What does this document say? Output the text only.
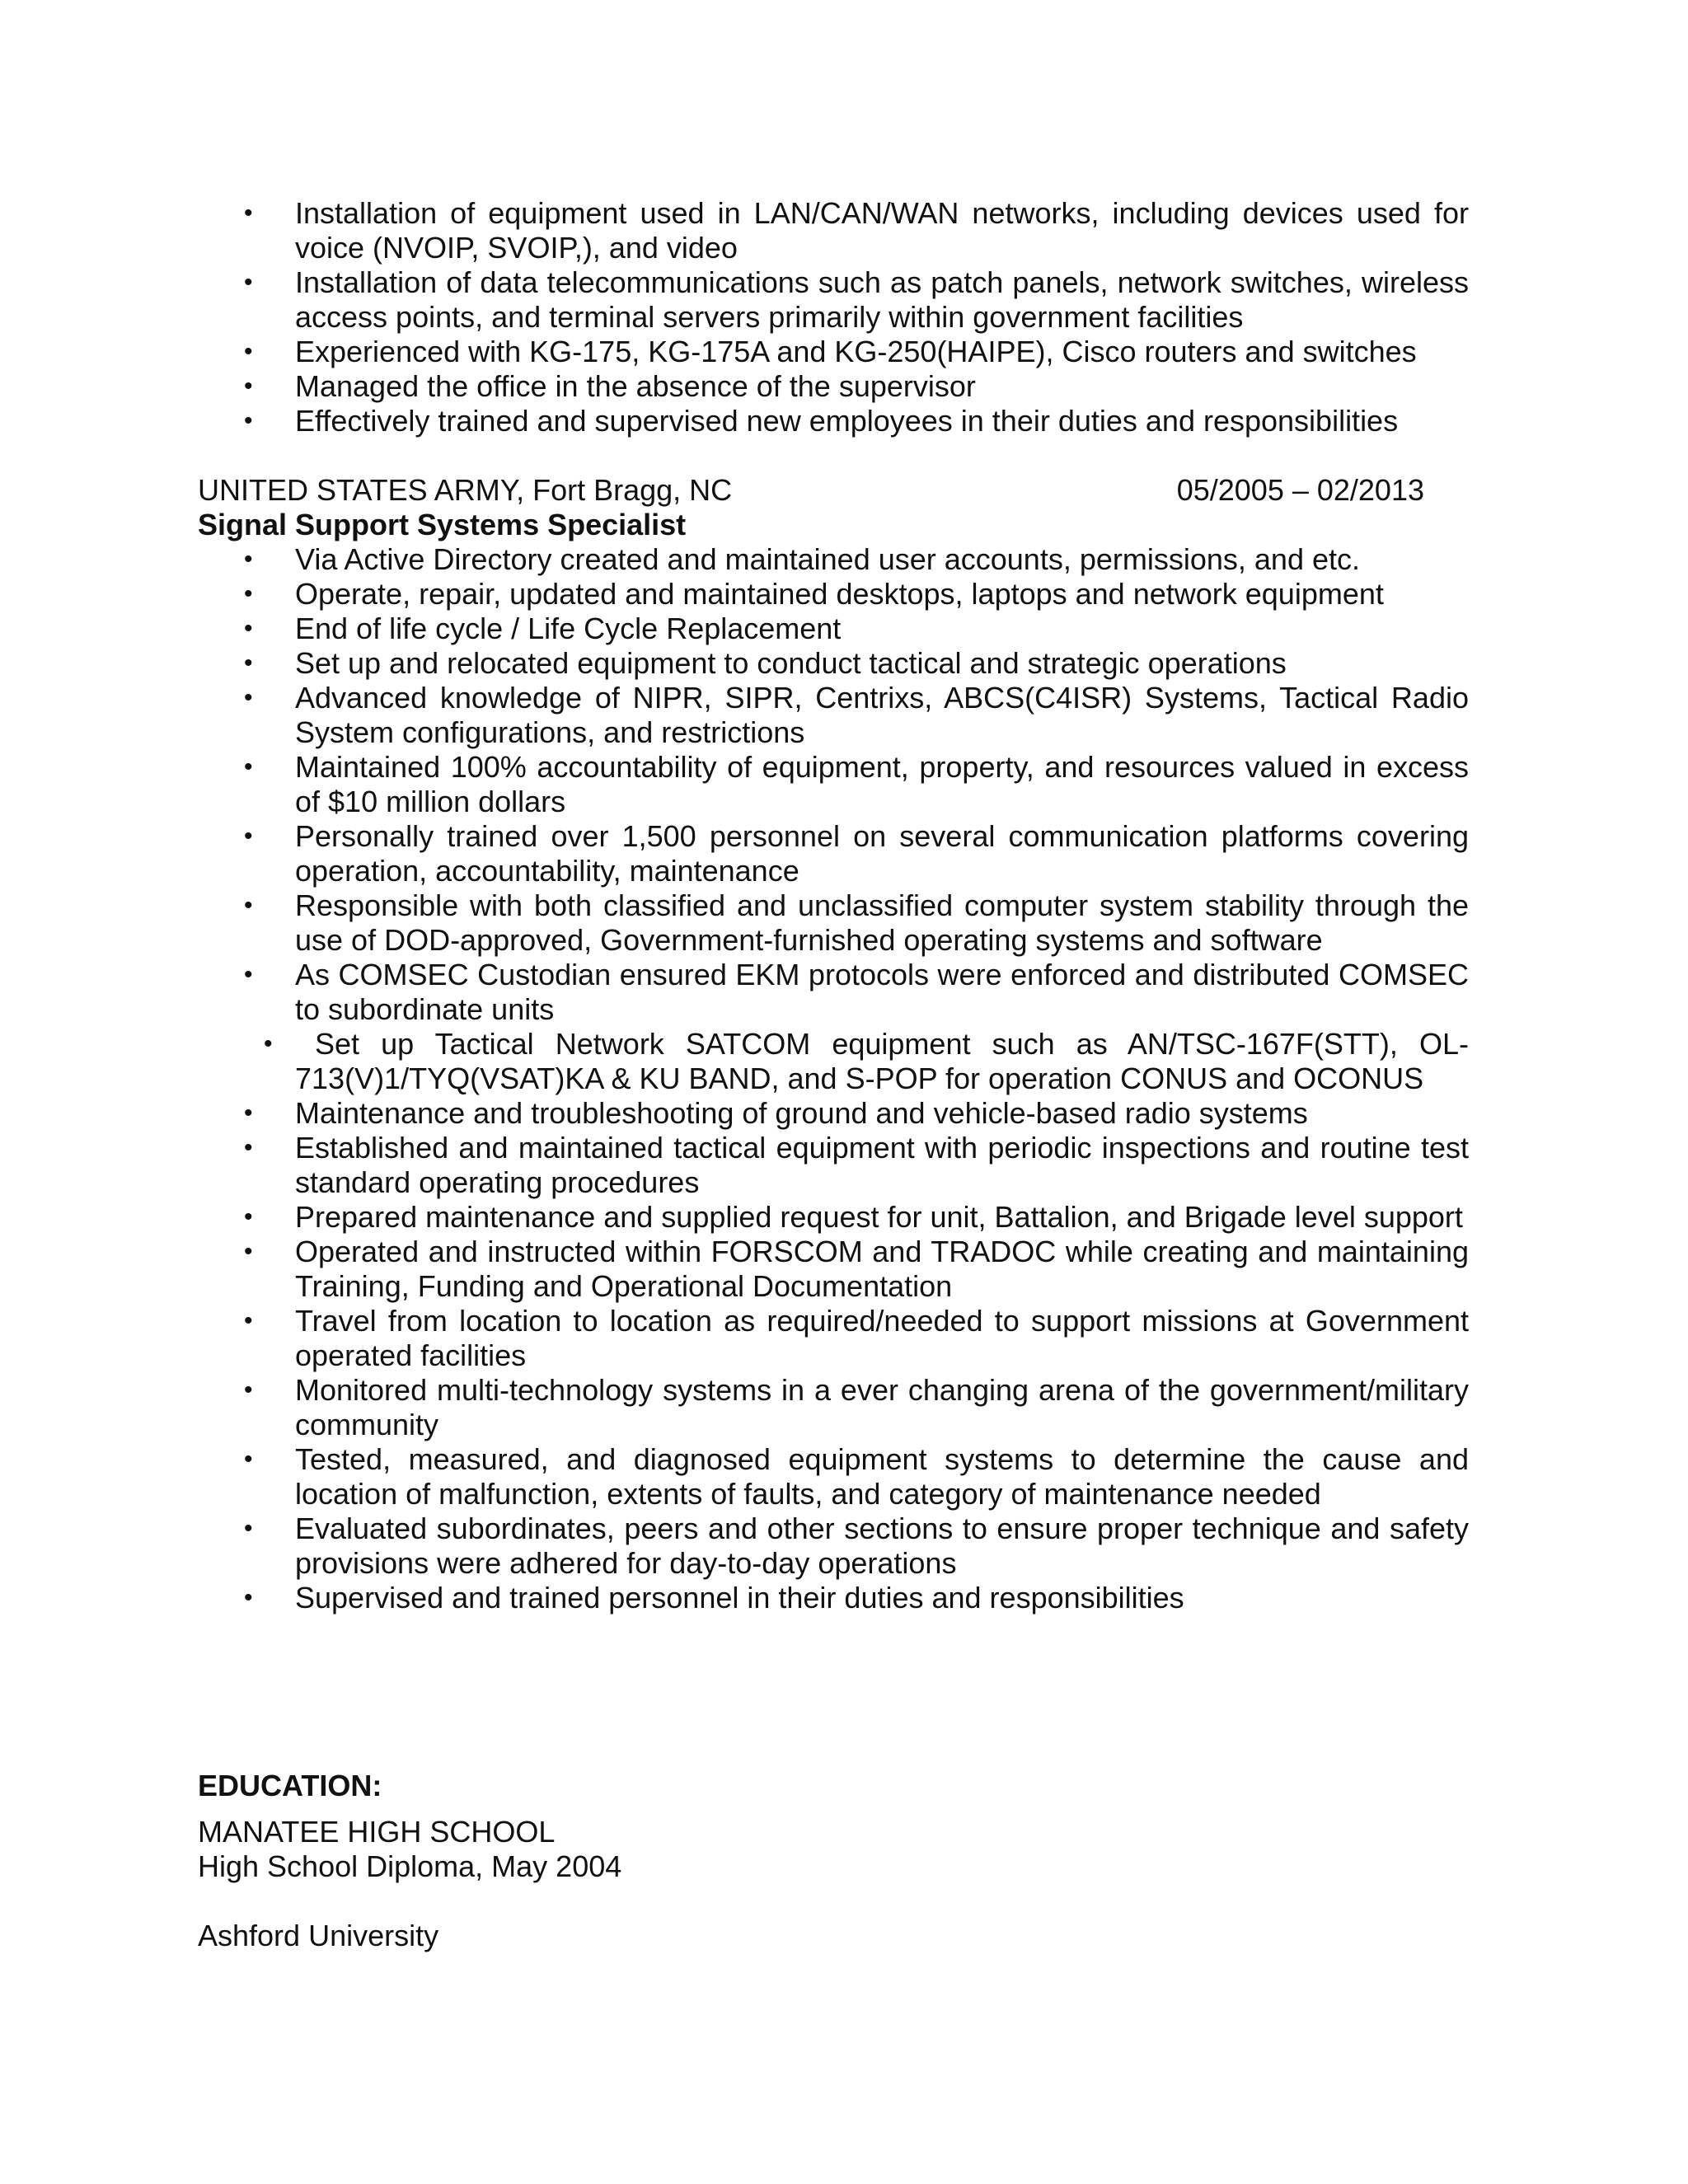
• Installation of equipment used in LAN/CAN/WAN networks, including devices used for voice (NVOIP, SVOIP,), and video
• Installation of data telecommunications such as patch panels, network switches, wireless access points, and terminal servers primarily within government facilities
• Experienced with KG-175, KG-175A and KG-250(HAIPE), Cisco routers and switches
• Managed the office in the absence of the supervisor
• Effectively trained and supervised new employees in their duties and responsibilities
UNITED STATES ARMY, Fort Bragg, NC	05/2005 – 02/2013
Signal Support Systems Specialist
• Via Active Directory created and maintained user accounts, permissions, and etc.
• Operate, repair, updated and maintained desktops, laptops and network equipment
• End of life cycle / Life Cycle Replacement
• Set up and relocated equipment to conduct tactical and strategic operations
• Advanced knowledge of NIPR, SIPR, Centrixs, ABCS(C4ISR) Systems, Tactical Radio System configurations, and restrictions
• Maintained 100% accountability of equipment, property, and resources valued in excess of $10 million dollars
• Personally trained over 1,500 personnel on several communication platforms covering operation, accountability, maintenance
• Responsible with both classified and unclassified computer system stability through the use of DOD-approved, Government-furnished operating systems and software
• As COMSEC Custodian ensured EKM protocols were enforced and distributed COMSEC to subordinate units
• Set up Tactical Network SATCOM equipment such as AN/TSC-167F(STT), OL-713(V)1/TYQ(VSAT)KA & KU BAND, and S-POP for operation CONUS and OCONUS
• Maintenance and troubleshooting of ground and vehicle-based radio systems
• Established and maintained tactical equipment with periodic inspections and routine test standard operating procedures
• Prepared maintenance and supplied request for unit, Battalion, and Brigade level support
• Operated and instructed within FORSCOM and TRADOC while creating and maintaining Training, Funding and Operational Documentation
• Travel from location to location as required/needed to support missions at Government operated facilities
• Monitored multi-technology systems in a ever changing arena of the government/military community
• Tested, measured, and diagnosed equipment systems to determine the cause and location of malfunction, extents of faults, and category of maintenance needed
• Evaluated subordinates, peers and other sections to ensure proper technique and safety provisions were adhered for day-to-day operations
• Supervised and trained personnel in their duties and responsibilities
EDUCATION:
MANATEE HIGH SCHOOL
High School Diploma, May 2004
Ashford University
